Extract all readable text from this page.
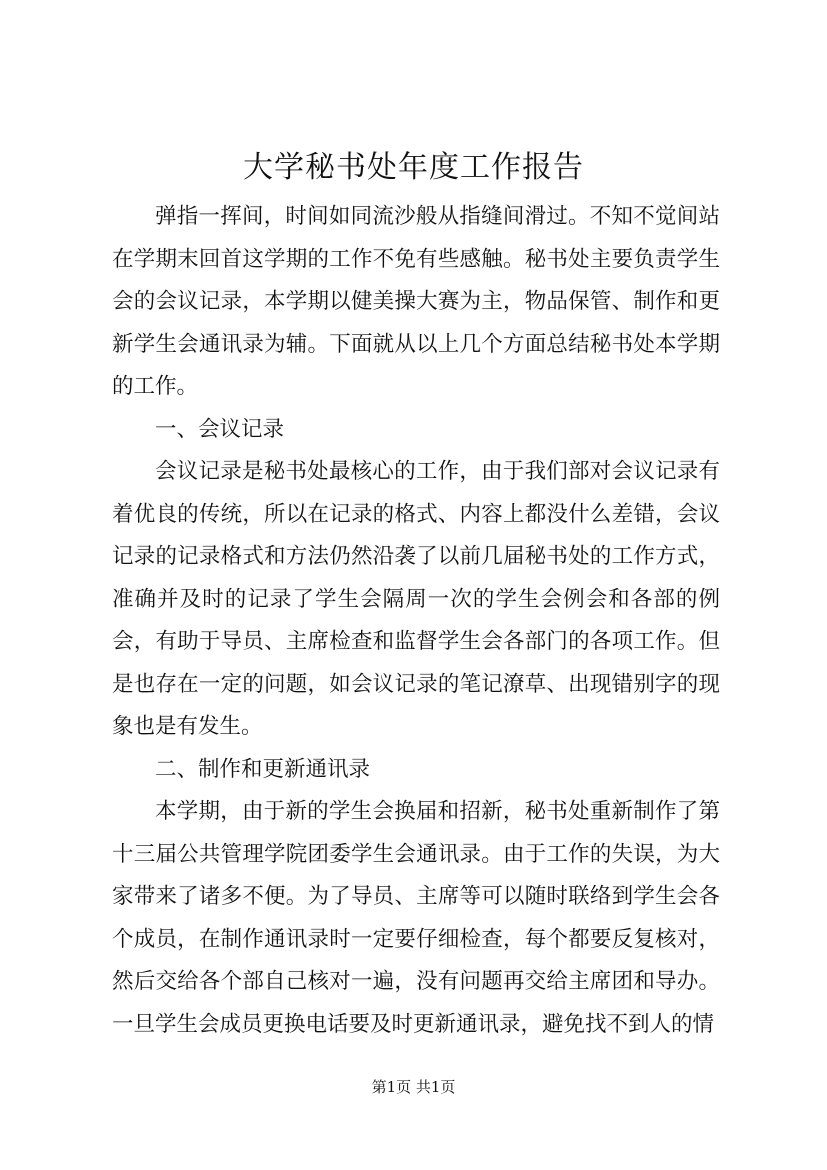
大学秘书处年度工作报告

弹指一挥间，时间如同流沙般从指缝间滑过。不知不觉间站在学期末回首这学期的工作不免有些感触。秘书处主要负责学生会的会议记录，本学期以健美操大赛为主，物品保管、制作和更新学生会通讯录为辅。下面就从以上几个方面总结秘书处本学期的工作。

一、会议记录

会议记录是秘书处最核心的工作，由于我们部对会议记录有着优良的传统，所以在记录的格式、内容上都没什么差错，会议记录的记录格式和方法仍然沿袭了以前几届秘书处的工作方式，准确并及时的记录了学生会隔周一次的学生会例会和各部的例会，有助于导员、主席检查和监督学生会各部门的各项工作。但是也存在一定的问题，如会议记录的笔记潦草、出现错别字的现象也是有发生。

二、制作和更新通讯录

本学期，由于新的学生会换届和招新，秘书处重新制作了第十三届公共管理学院团委学生会通讯录。由于工作的失误，为大家带来了诸多不便。为了导员、主席等可以随时联络到学生会各个成员，在制作通讯录时一定要仔细检查，每个都要反复核对，然后交给各个部自己核对一遍，没有问题再交给主席团和导办。一旦学生会成员更换电话要及时更新通讯录，避免找不到人的情

第1页 共1页
